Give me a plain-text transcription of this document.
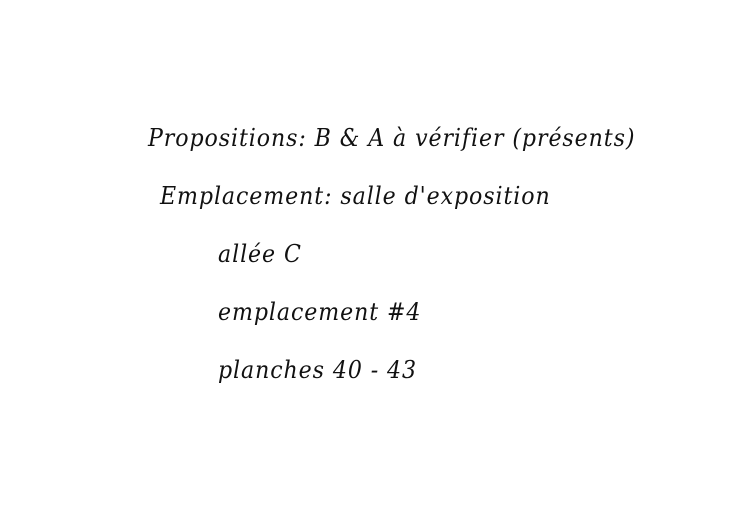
Propositions: B & A à vérifier (présents)
Emplacement: salle d'exposition
allée C
emplacement #4
planches 40 - 43
